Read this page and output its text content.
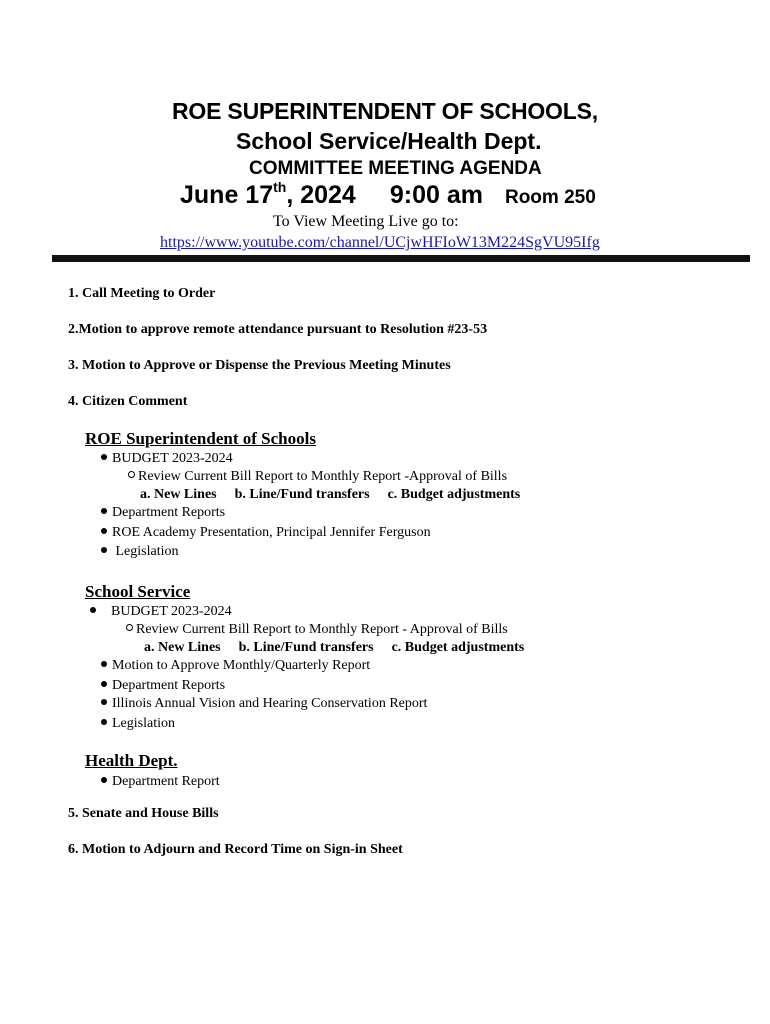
ROE SUPERINTENDENT OF SCHOOLS,
School Service/Health Dept.
COMMITTEE MEETING AGENDA
June 17th, 2024 9:00 am Room 250
To View Meeting Live go to:
https://www.youtube.com/channel/UCjwHFIoW13M224SgVU95Ifg
1. Call Meeting to Order
2.Motion to approve remote attendance pursuant to Resolution #23-53
3. Motion to Approve or Dispense the Previous Meeting Minutes
4. Citizen Comment
ROE Superintendent of Schools
BUDGET 2023-2024
Review Current Bill Report to Monthly Report -Approval of Bills
a. New Lines b. Line/Fund transfers c. Budget adjustments
Department Reports
ROE Academy Presentation, Principal Jennifer Ferguson
Legislation
School Service
BUDGET 2023-2024
Review Current Bill Report to Monthly Report - Approval of Bills
a. New Lines b. Line/Fund transfers c. Budget adjustments
Motion to Approve Monthly/Quarterly Report
Department Reports
Illinois Annual Vision and Hearing Conservation Report
Legislation
Health Dept.
Department Report
5. Senate and House Bills
6. Motion to Adjourn and Record Time on Sign-in Sheet
